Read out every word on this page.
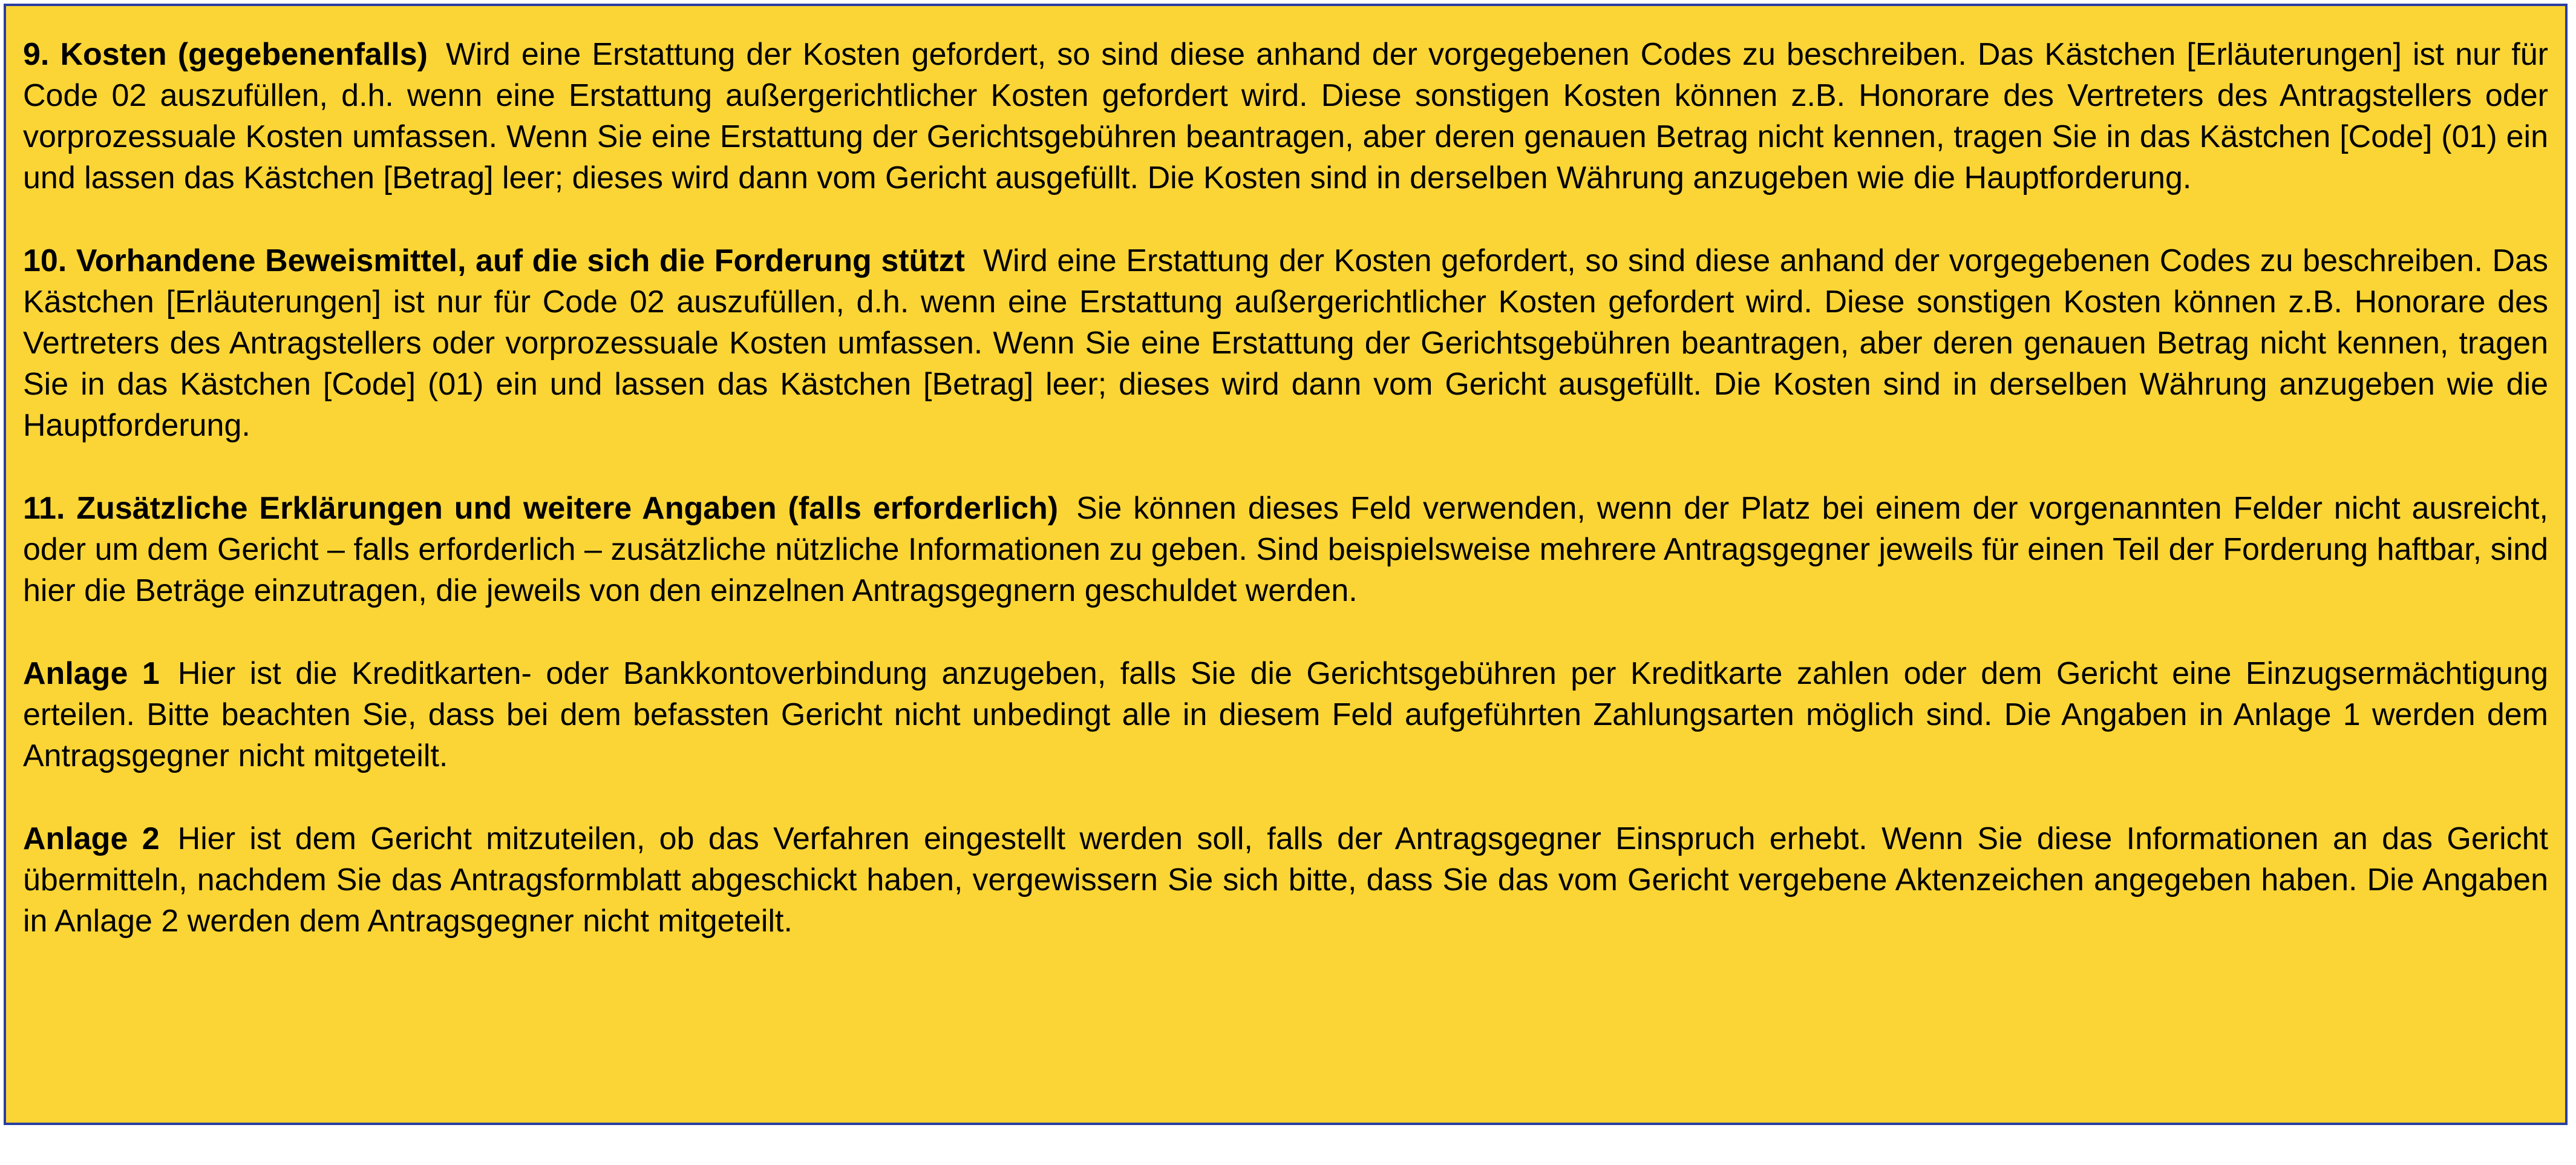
9. Kosten (gegebenenfalls) Wird eine Erstattung der Kosten gefordert, so sind diese anhand der vorgegebenen Codes zu beschreiben. Das Kästchen [Erläuterungen] ist nur für Code 02 auszufüllen, d.h. wenn eine Erstattung außergerichtlicher Kosten gefordert wird. Diese sonstigen Kosten können z.B. Honorare des Vertreters des Antragstellers oder vorprozessuale Kosten umfassen. Wenn Sie eine Erstattung der Gerichtsgebühren beantragen, aber deren genauen Betrag nicht kennen, tragen Sie in das Kästchen [Code] (01) ein und lassen das Kästchen [Betrag] leer; dieses wird dann vom Gericht ausgefüllt. Die Kosten sind in derselben Währung anzugeben wie die Hauptforderung.

10. Vorhandene Beweismittel, auf die sich die Forderung stützt Wird eine Erstattung der Kosten gefordert, so sind diese anhand der vorgegebenen Codes zu beschreiben. Das Kästchen [Erläuterungen] ist nur für Code 02 auszufüllen, d.h. wenn eine Erstattung außergerichtlicher Kosten gefordert wird. Diese sonstigen Kosten können z.B. Honorare des Vertreters des Antragstellers oder vorprozessuale Kosten umfassen. Wenn Sie eine Erstattung der Gerichtsgebühren beantragen, aber deren genauen Betrag nicht kennen, tragen Sie in das Kästchen [Code] (01) ein und lassen das Kästchen [Betrag] leer; dieses wird dann vom Gericht ausgefüllt. Die Kosten sind in derselben Währung anzugeben wie die Hauptforderung.

11. Zusätzliche Erklärungen und weitere Angaben (falls erforderlich) Sie können dieses Feld verwenden, wenn der Platz bei einem der vorgenannten Felder nicht ausreicht, oder um dem Gericht – falls erforderlich – zusätzliche nützliche Informationen zu geben. Sind beispielsweise mehrere Antragsgegner jeweils für einen Teil der Forderung haftbar, sind hier die Beträge einzutragen, die jeweils von den einzelnen Antragsgegnern geschuldet werden.

Anlage 1 Hier ist die Kreditkarten- oder Bankkontoverbindung anzugeben, falls Sie die Gerichtsgebühren per Kreditkarte zahlen oder dem Gericht eine Einzugsermächtigung erteilen. Bitte beachten Sie, dass bei dem befassten Gericht nicht unbedingt alle in diesem Feld aufgeführten Zahlungsarten möglich sind. Die Angaben in Anlage 1 werden dem Antragsgegner nicht mitgeteilt.

Anlage 2 Hier ist dem Gericht mitzuteilen, ob das Verfahren eingestellt werden soll, falls der Antragsgegner Einspruch erhebt. Wenn Sie diese Informationen an das Gericht übermitteln, nachdem Sie das Antragsformblatt abgeschickt haben, vergewissern Sie sich bitte, dass Sie das vom Gericht vergebene Aktenzeichen angegeben haben. Die Angaben in Anlage 2 werden dem Antragsgegner nicht mitgeteilt.
